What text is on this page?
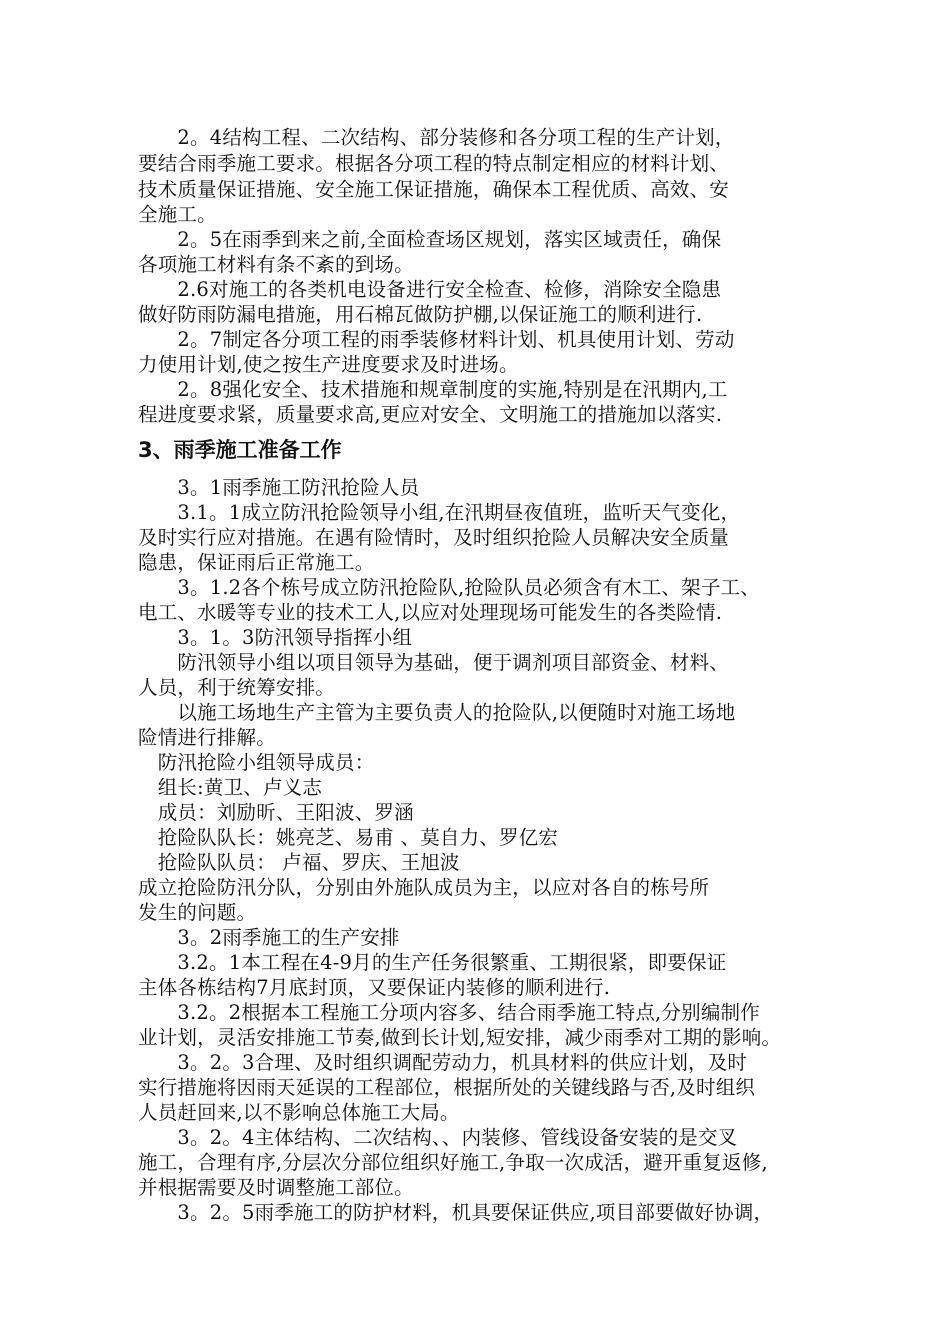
　　2。4结构工程、二次结构、部分装修和各分项工程的生产计划，
要结合雨季施工要求。根据各分项工程的特点制定相应的材料计划、
技术质量保证措施、安全施工保证措施，确保本工程优质、高效、安
全施工。
　　2。5在雨季到来之前,全面检查场区规划，落实区域责任，确保
各项施工材料有条不紊的到场。
　　2.6对施工的各类机电设备进行安全检查、检修，消除安全隐患
做好防雨防漏电措施，用石棉瓦做防护棚,以保证施工的顺利进行.
　　2。7制定各分项工程的雨季装修材料计划、机具使用计划、劳动
力使用计划,使之按生产进度要求及时进场。
　　2。8强化安全、技术措施和规章制度的实施,特别是在汛期内,工
程进度要求紧，质量要求高,更应对安全、文明施工的措施加以落实.
3、雨季施工准备工作
　　3。1雨季施工防汛抢险人员
　　3.1。1成立防汛抢险领导小组,在汛期昼夜值班，监听天气变化，
及时实行应对措施。在遇有险情时，及时组织抢险人员解决安全质量
隐患，保证雨后正常施工。
　　3。1.2各个栋号成立防汛抢险队,抢险队员必须含有木工、架子工、
电工、水暖等专业的技术工人,以应对处理现场可能发生的各类险情.
　　3。1。3防汛领导指挥小组
　　防汛领导小组以项目领导为基础，便于调剂项目部资金、材料、
人员，利于统筹安排。
　　以施工场地生产主管为主要负责人的抢险队,以便随时对施工场地
险情进行排解。
　防汛抢险小组领导成员：
　组长:黄卫、卢义志
　成员：刘励昕、王阳波、罗涵
　抢险队队长：姚亮芝、易甫 、莫自力、罗亿宏
　抢险队队员： 卢福、罗庆、王旭波
成立抢险防汛分队，分别由外施队成员为主，以应对各自的栋号所
发生的问题。
　　3。2雨季施工的生产安排
　　3.2。1本工程在4-9月的生产任务很繁重、工期很紧，即要保证
主体各栋结构7月底封顶，又要保证内装修的顺利进行.
　　3.2。2根据本工程施工分项内容多、结合雨季施工特点,分别编制作
业计划，灵活安排施工节奏,做到长计划,短安排，减少雨季对工期的影响。
　　3。2。3合理、及时组织调配劳动力，机具材料的供应计划，及时
实行措施将因雨天延误的工程部位，根据所处的关键线路与否,及时组织
人员赶回来,以不影响总体施工大局。
　　3。2。4主体结构、二次结构、、内装修、管线设备安装的是交叉
施工，合理有序,分层次分部位组织好施工,争取一次成活，避开重复返修,
并根据需要及时调整施工部位。
　　3。2。5雨季施工的防护材料，机具要保证供应,项目部要做好协调，
